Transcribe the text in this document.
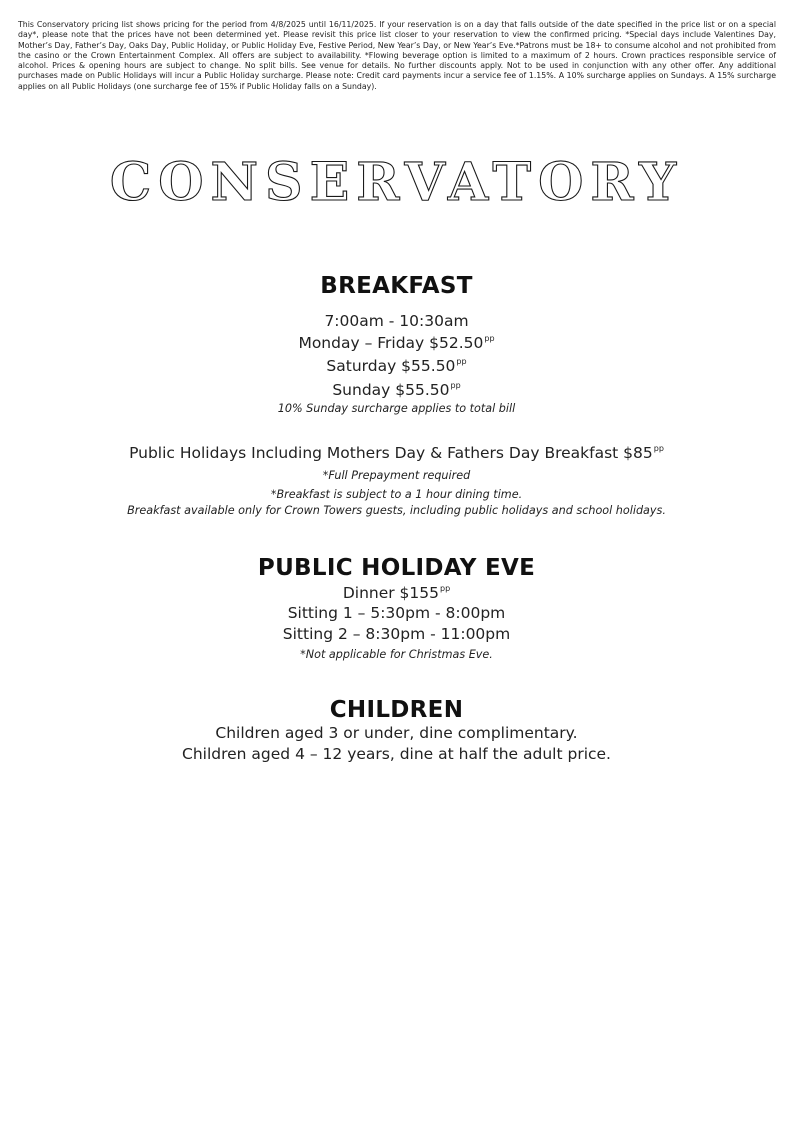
This Conservatory pricing list shows pricing for the period from 4/8/2025 until 16/11/2025. If your reservation is on a day that falls outside of the date specified in the price list or on a special day*, please note that the prices have not been determined yet. Please revisit this price list closer to your reservation to view the confirmed pricing. *Special days include Valentines Day, Mother’s Day, Father’s Day, Oaks Day, Public Holiday, or Public Holiday Eve, Festive Period, New Year’s Day, or New Year’s Eve.*Patrons must be 18+ to consume alcohol and not prohibited from the casino or the Crown Entertainment Complex. All offers are subject to availability. *Flowing beverage option is limited to a maximum of 2 hours. Crown practices responsible service of alcohol. Prices & opening hours are subject to change. No split bills. See venue for details. No further discounts apply. Not to be used in conjunction with any other offer. Any additional purchases made on Public Holidays will incur a Public Holiday surcharge. Please note: Credit card payments incur a service fee of 1.15%. A 10% surcharge applies on Sundays. A 15% surcharge applies on all Public Holidays (one surcharge fee of 15% if Public Holiday falls on a Sunday).

CONSERVATORY
BREAKFAST
7:00am - 10:30am
Monday – Friday $\$52.50^{pp}$
Saturday $\$55.50^{pp}$
Sunday $\$55.50^{pp}$
10% Sunday surcharge applies to total bill
Public Holidays Including Mothers Day & Fathers Day Breakfast $\$85^{pp}$
*Full Prepayment required
*Breakfast is subject to a 1 hour dining time.
Breakfast available only for Crown Towers guests, including public holidays and school holidays.
PUBLIC HOLIDAY EVE
Dinner $\$155^{pp}$
Sitting 1 – 5:30pm - 8:00pm
Sitting 2 – 8:30pm - 11:00pm
*Not applicable for Christmas Eve.
CHILDREN
Children aged 3 or under, dine complimentary.
Children aged 4 – 12 years, dine at half the adult price.
